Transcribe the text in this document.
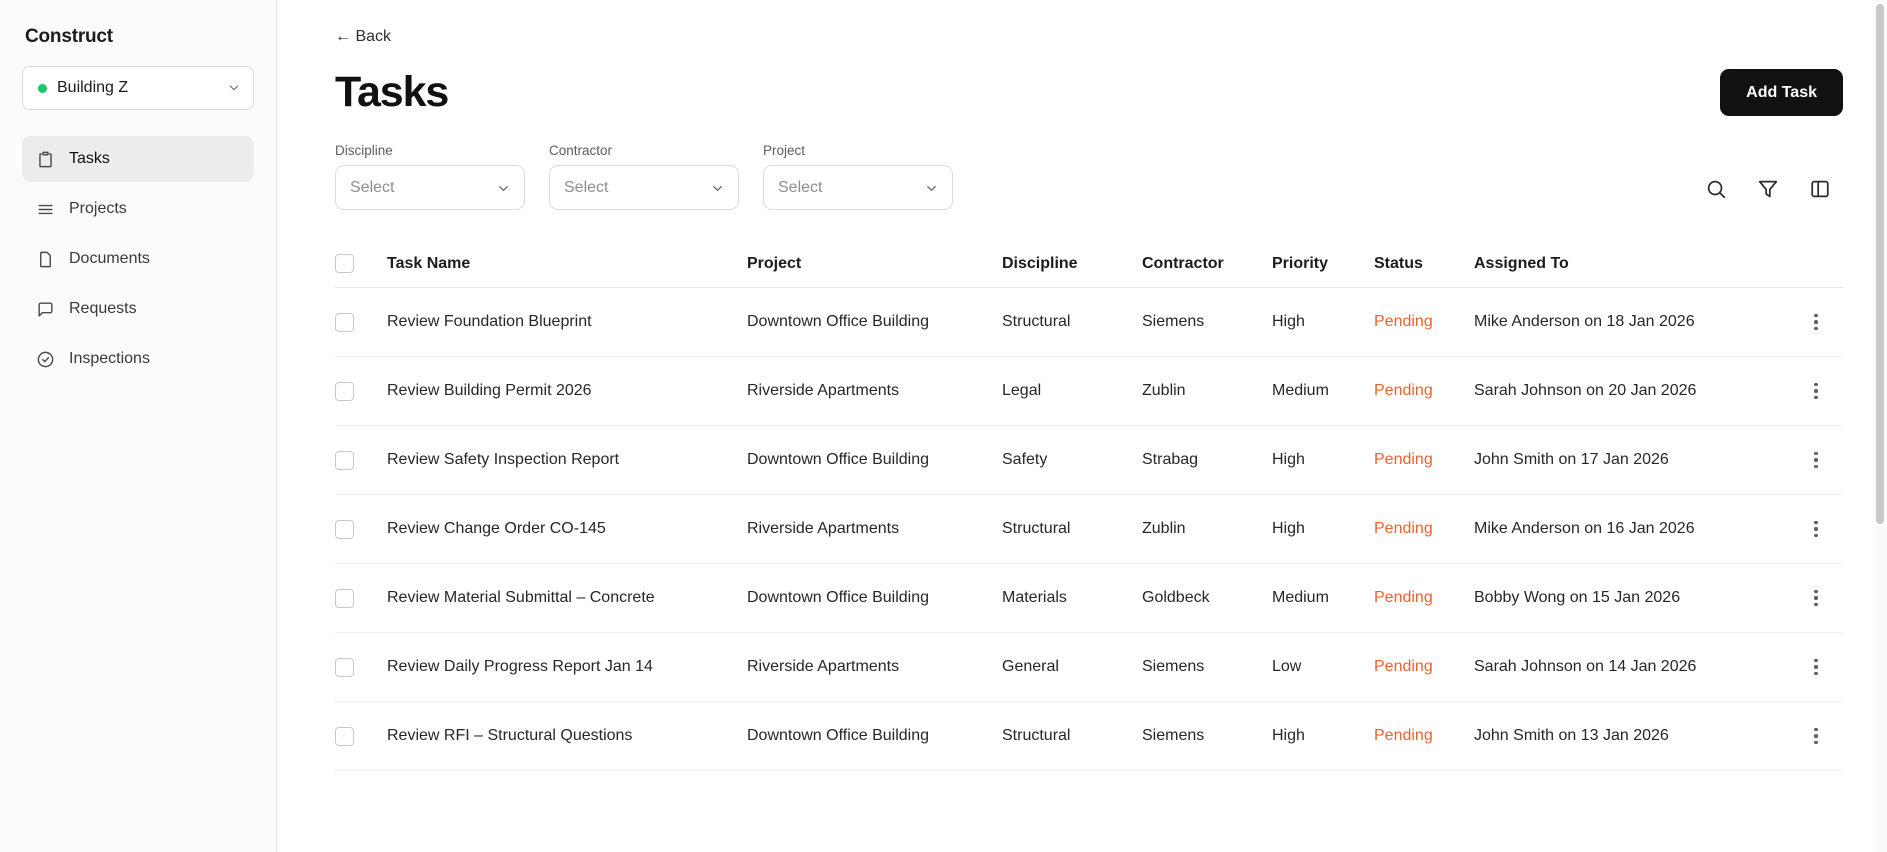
Construct
Building Z
Tasks
Projects
Documents
Requests
Inspections
← Back
Tasks	Add Task
Discipline
Select
Contractor
Select
Project
Select
Task Name	Project	Discipline	Contractor	Priority	Status	Assigned To
Review Foundation Blueprint	Downtown Office Building	Structural	Siemens	High	Pending	Mike Anderson on 18 Jan 2026
Review Building Permit 2026	Riverside Apartments	Legal	Zublin	Medium	Pending	Sarah Johnson on 20 Jan 2026
Review Safety Inspection Report	Downtown Office Building	Safety	Strabag	High	Pending	John Smith on 17 Jan 2026
Review Change Order CO-145	Riverside Apartments	Structural	Zublin	High	Pending	Mike Anderson on 16 Jan 2026
Review Material Submittal – Concrete	Downtown Office Building	Materials	Goldbeck	Medium	Pending	Bobby Wong on 15 Jan 2026
Review Daily Progress Report Jan 14	Riverside Apartments	General	Siemens	Low	Pending	Sarah Johnson on 14 Jan 2026
Review RFI – Structural Questions	Downtown Office Building	Structural	Siemens	High	Pending	John Smith on 13 Jan 2026
